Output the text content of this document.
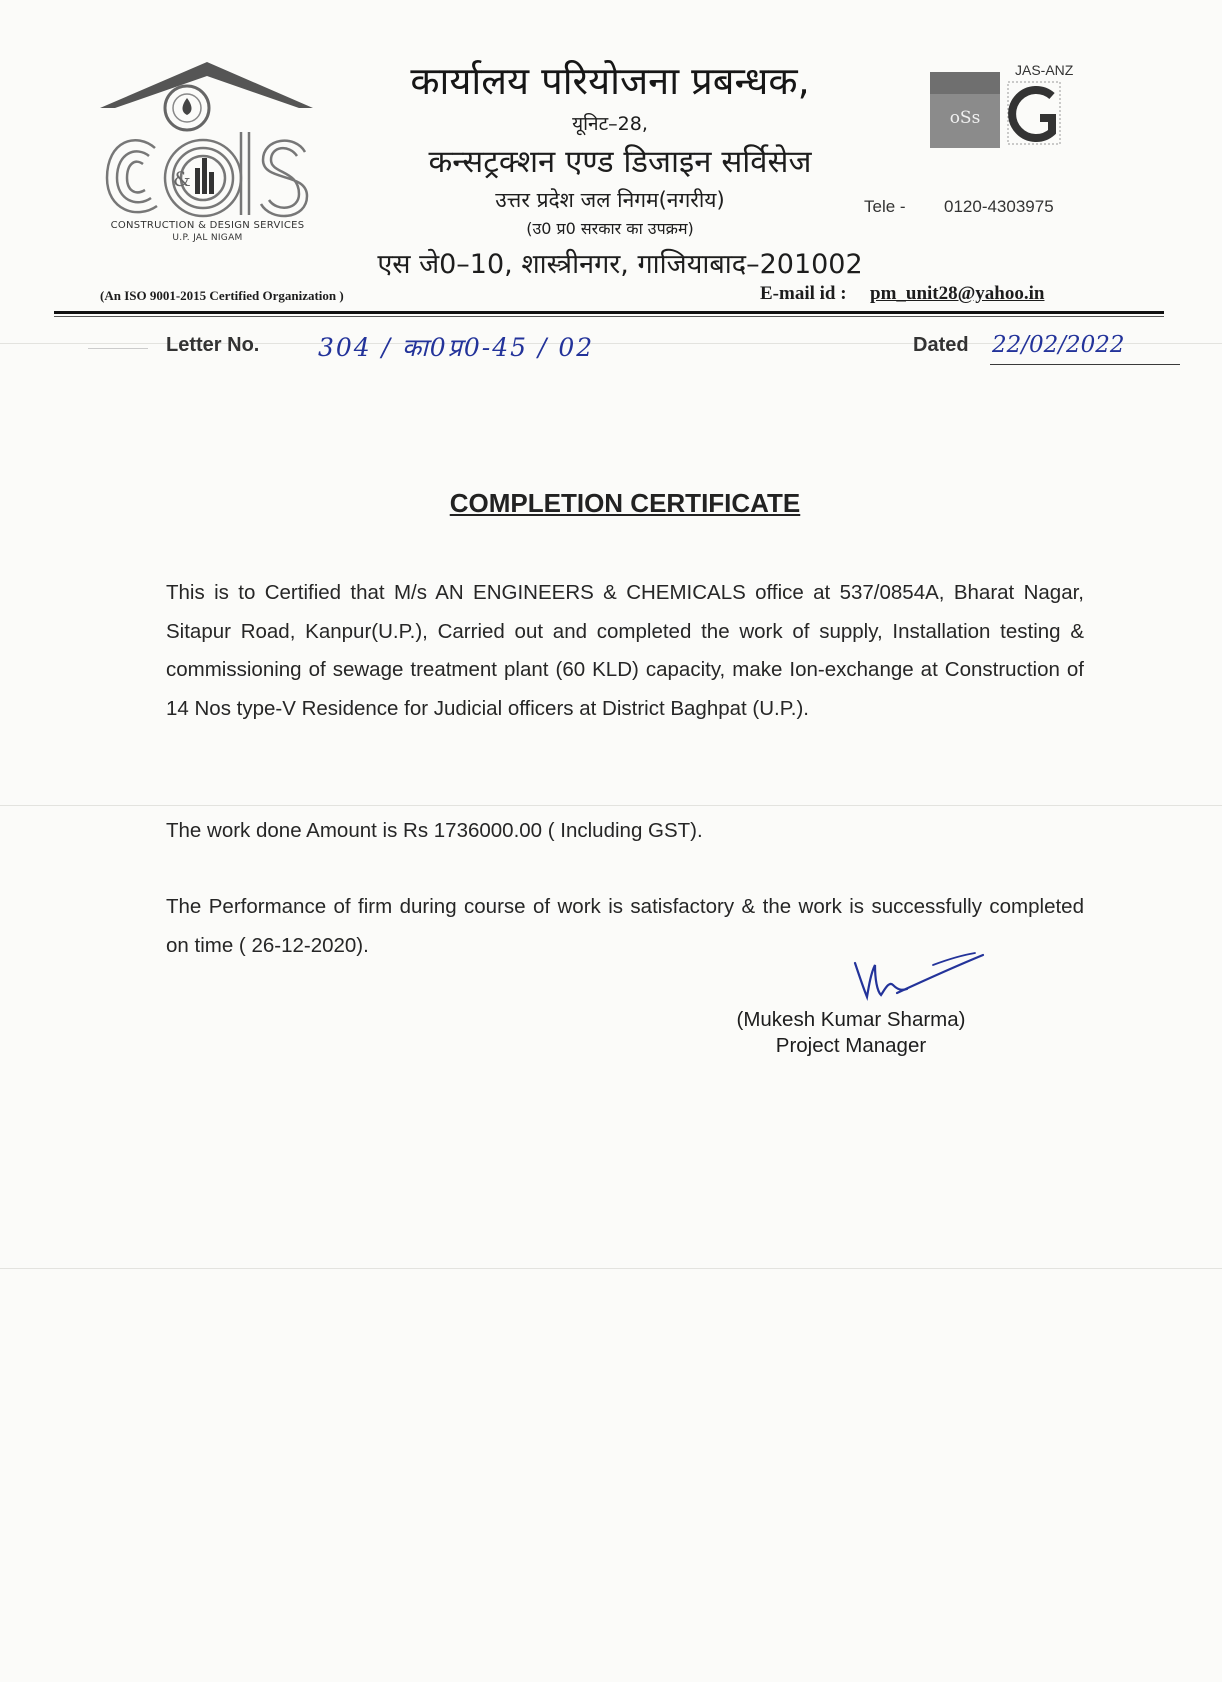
&
CONSTRUCTION & DESIGN SERVICES
U.P. JAL NIGAM
कार्यालय परियोजना प्रबन्धक,
यूनिट–28,
कन्सट्रक्शन एण्ड डिजाइन सर्विसेज
उत्तर प्रदेश जल निगम(नगरीय)
(उ0 प्र0 सरकार का उपक्रम)
एस जे0–10, शास्त्रीनगर, गाजियाबाद–201002
Tele - 0120-4303975
oSs
JAS-ANZ
(An ISO 9001-2015 Certified Organization )	E-mail id : pm_unit28@yahoo.in
Letter No. 304 / का0प्र0-45 / 02	Dated 22/02/2022
COMPLETION CERTIFICATE
This is to Certified that M/s AN ENGINEERS & CHEMICALS office at 537/0854A, Bharat Nagar, Sitapur Road, Kanpur(U.P.), Carried out and completed the work of supply, Installation testing & commissioning of sewage treatment plant (60 KLD) capacity, make Ion-exchange at Construction of 14 Nos type-V Residence for Judicial officers at District Baghpat (U.P.).
The work done Amount is Rs 1736000.00 ( Including GST).
The Performance of firm during course of work is satisfactory & the work is successfully completed on time ( 26-12-2020).
(Mukesh Kumar Sharma)
Project Manager
